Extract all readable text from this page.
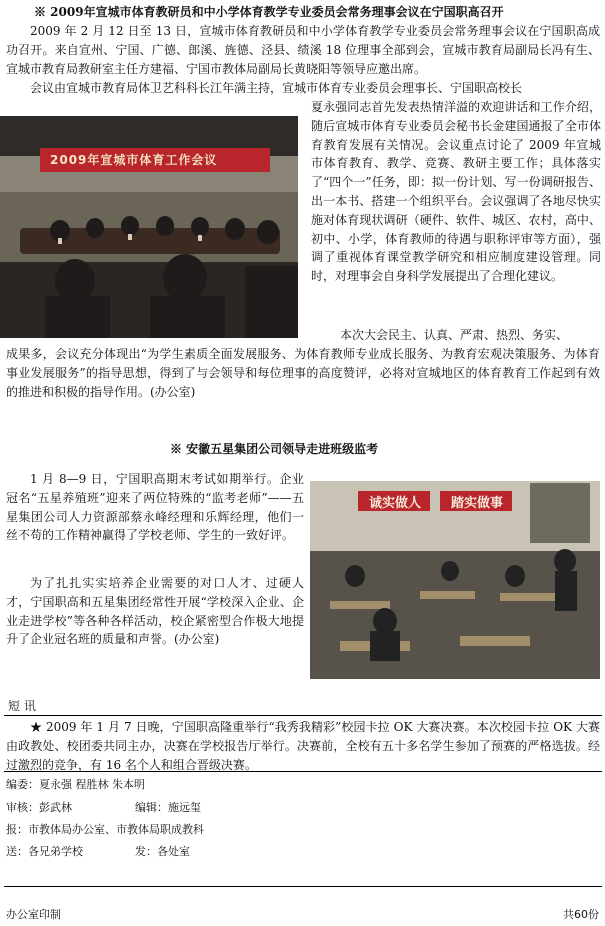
※ 2009年宣城市体育教研员和中小学体育教学专业委员会常务理事会议在宁国职高召开
2009 年 2 月 12 日至 13 日，宣城市体育教研员和中小学体育教学专业委员会常务理事会议在宁国职高成功召开。来自宣州、宁国、广德、郎溪、旌德、泾县、绩溪 18 位理事全部到会，宣城市教育局副局长冯有生、宣城市教育局教研室主任方建福、宁国市教体局副局长黄晓阳等领导应邀出席。
会议由宣城市教育局体卫艺科科长江年满主持，宣城市体育专业委员会理事长、宁国职高校长
2009年宣城市体育工作会议
夏永强同志首先发表热情洋溢的欢迎讲话和工作介绍，随后宣城市体育专业委员会秘书长金建国通报了全市体育教育发展有关情况。会议重点讨论了 2009 年宣城市体育教育、教学、竞赛、教研主要工作；具体落实了“四个一”任务，即：拟一份计划、写一份调研报告、出一本书、搭建一个组织平台。会议强调了各地尽快实施对体育现状调研（硬件、软件、城区、农村，高中、初中、小学，体育教师的待遇与职称评审等方面），强调了重视体育课堂教学研究和相应制度建设管理。同时，对理事会自身科学发展提出了合理化建议。
本次大会民主、认真、严肃、热烈、务实、
成果多，会议充分体现出“为学生素质全面发展服务、为体育教师专业成长服务、为教育宏观决策服务、为体育事业发展服务”的指导思想，得到了与会领导和每位理事的高度赞评，必将对宣城地区的体育教育工作起到有效的推进和积极的指导作用。(办公室)
※ 安徽五星集团公司领导走进班级监考
1 月 8—9 日，宁国职高期末考试如期举行。企业冠名“五星养殖班”迎来了两位特殊的“监考老师”——五星集团公司人力资源部蔡永峰经理和乐辉经理，他们一丝不苟的工作精神赢得了学校老师、学生的一致好评。
为了扎扎实实培养企业需要的对口人才、过硬人才，宁国职高和五星集团经常性开展“学校深入企业、企业走进学校”等各种各样活动，校企紧密型合作极大地提升了企业冠名班的质量和声誉。(办公室)
诚实做人	踏实做事
短 讯
★ 2009 年 1 月 7 日晚，宁国职高隆重举行“我秀我精彩”校园卡拉 OK 大赛决赛。本次校园卡拉 OK 大赛由政教处、校团委共同主办，决赛在学校报告厅举行。决赛前，全校有五十多名学生参加了预赛的严格选拔。经过激烈的竞争，有 16 名个人和组合晋级决赛。
编委：夏永强 程胜林 朱本明
审核：彭武林	编辑：施远玺
报：市教体局办公室、市教体局职成教科
送：各兄弟学校	发：各处室
办公室印制	共60份
